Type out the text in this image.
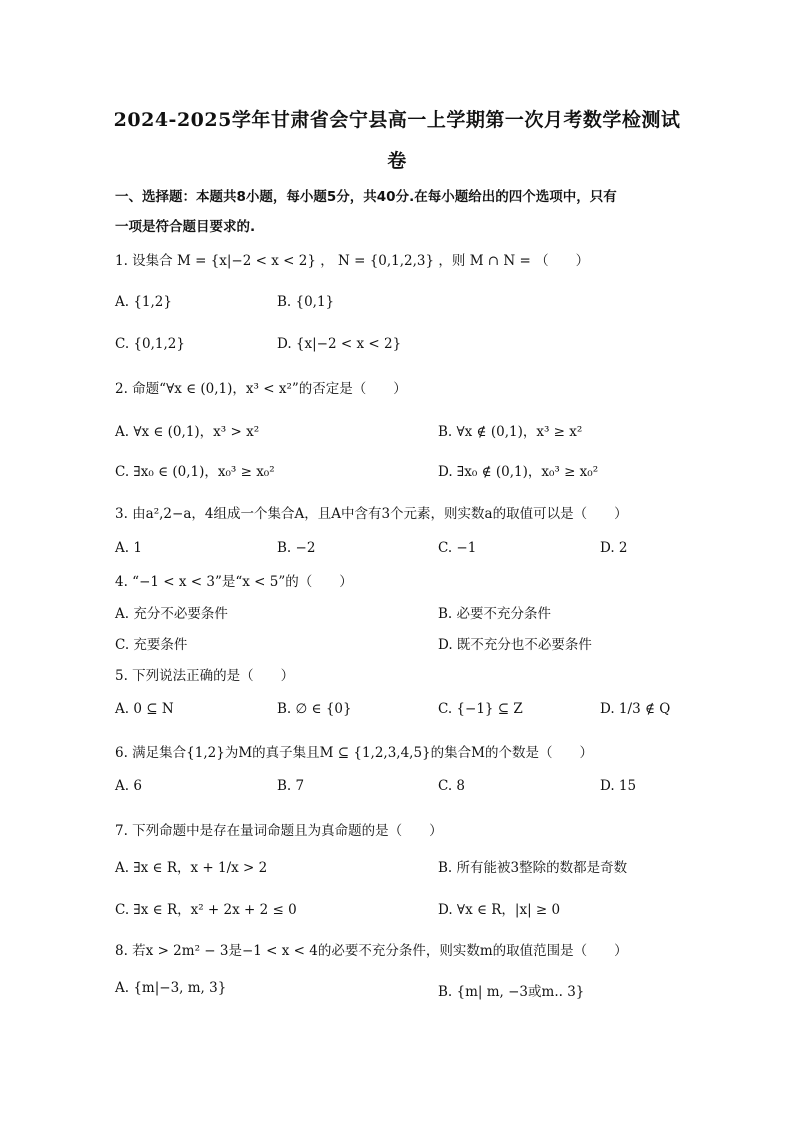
2024-2025学年甘肃省会宁县高一上学期第一次月考数学检测试
卷
一、选择题：本题共8小题，每小题5分，共40分.在每小题给出的四个选项中，只有
一项是符合题目要求的.
1. 设集合 M = {x|−2 < x < 2} ， N = {0,1,2,3} ，则 M ∩ N = （　　）
A. {1,2}	B. {0,1}
C. {0,1,2}	D. {x|−2 < x < 2}
2. 命题“∀x ∈ (0,1)，x³ < x²”的否定是（　　）
A. ∀x ∈ (0,1)，x³ > x²	B. ∀x ∉ (0,1)，x³ ≥ x²
C. ∃x₀ ∈ (0,1)，x₀³ ≥ x₀²	D. ∃x₀ ∉ (0,1)，x₀³ ≥ x₀²
3. 由a²,2−a，4组成一个集合A，且A中含有3个元素，则实数a的取值可以是（　　）
A. 1	B. −2	C. −1	D. 2
4. “−1 < x < 3”是“x < 5”的（　　）
A. 充分不必要条件	B. 必要不充分条件
C. 充要条件	D. 既不充分也不必要条件
5. 下列说法正确的是（　　）
A. 0 ⊆ N	B. ∅ ∈ {0}	C. {−1} ⊆ Z	D. 1/3 ∉ Q
6. 满足集合{1,2}为M的真子集且M ⊆ {1,2,3,4,5}的集合M的个数是（　　）
A. 6	B. 7	C. 8	D. 15
7. 下列命题中是存在量词命题且为真命题的是（　　）
A. ∃x ∈ R，x + 1/x > 2	B. 所有能被3整除的数都是奇数
C. ∃x ∈ R，x² + 2x + 2 ≤ 0	D. ∀x ∈ R，|x| ≥ 0
8. 若x > 2m² − 3是−1 < x < 4的必要不充分条件，则实数m的取值范围是（　　）
A. {m|−3, m, 3}	B. {m| m, −3或m.. 3}
